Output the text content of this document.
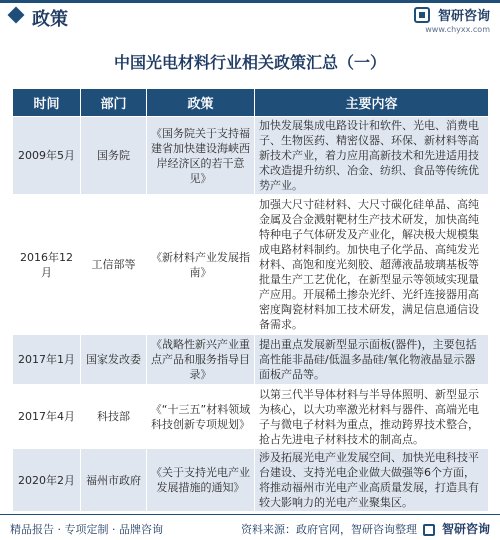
政策	智研咨询
www.chyxx.com
中国光电材料行业相关政策汇总（一）
时间	部门	政策	主要内容
2009年5月	国务院	《国务院关于支持福建省加快建设海峡西岸经济区的若干意见》	加快发展集成电路设计和软件、光电、消费电子、生物医药、精密仪器、环保、新材料等高新技术产业，着力应用高新技术和先进适用技术改造提升纺织、冶金、纺织、食品等传统优势产业。
2016年12月	工信部等	《新材料产业发展指南》	加强大尺寸硅材料、大尺寸碳化硅单晶、高纯金属及合金溅射靶材生产技术研发，加快高纯特种电子气体研发及产业化，解决极大规模集成电路材料制约。加快电子化学品、高纯发光材料、高饱和度光刻胶、超薄液晶玻璃基板等批量生产工艺优化，在新型显示等领域实现量产应用。开展稀土掺杂光纤、光纤连接器用高密度陶瓷材料加工技术研发，满足信息通信设备需求。
2017年1月	国家发改委	《战略性新兴产业重点产品和服务指导目录》	提出重点发展新型显示面板(器件)，主要包括高性能非晶硅/低温多晶硅/氧化物液晶显示器面板产品等。
2017年4月	科技部	《“十三五”材料领域科技创新专项规划》	以第三代半导体材料与半导体照明、新型显示为核心，以大功率激光材料与器件、高端光电子与微电子材料为重点，推动跨界技术整合，抢占先进电子材料技术的制高点。
2020年2月	福州市政府	《关于支持光电产业发展措施的通知》	涉及拓展光电产业发展空间、加快光电科技平台建设、支持光电企业做大做强等6个方面，将推动福州市光电产业高质量发展，打造具有较大影响力的光电产业聚集区。
精品报告 · 专项定制 · 品牌咨询	资料来源：政府官网，智研咨询整理 智研咨询
